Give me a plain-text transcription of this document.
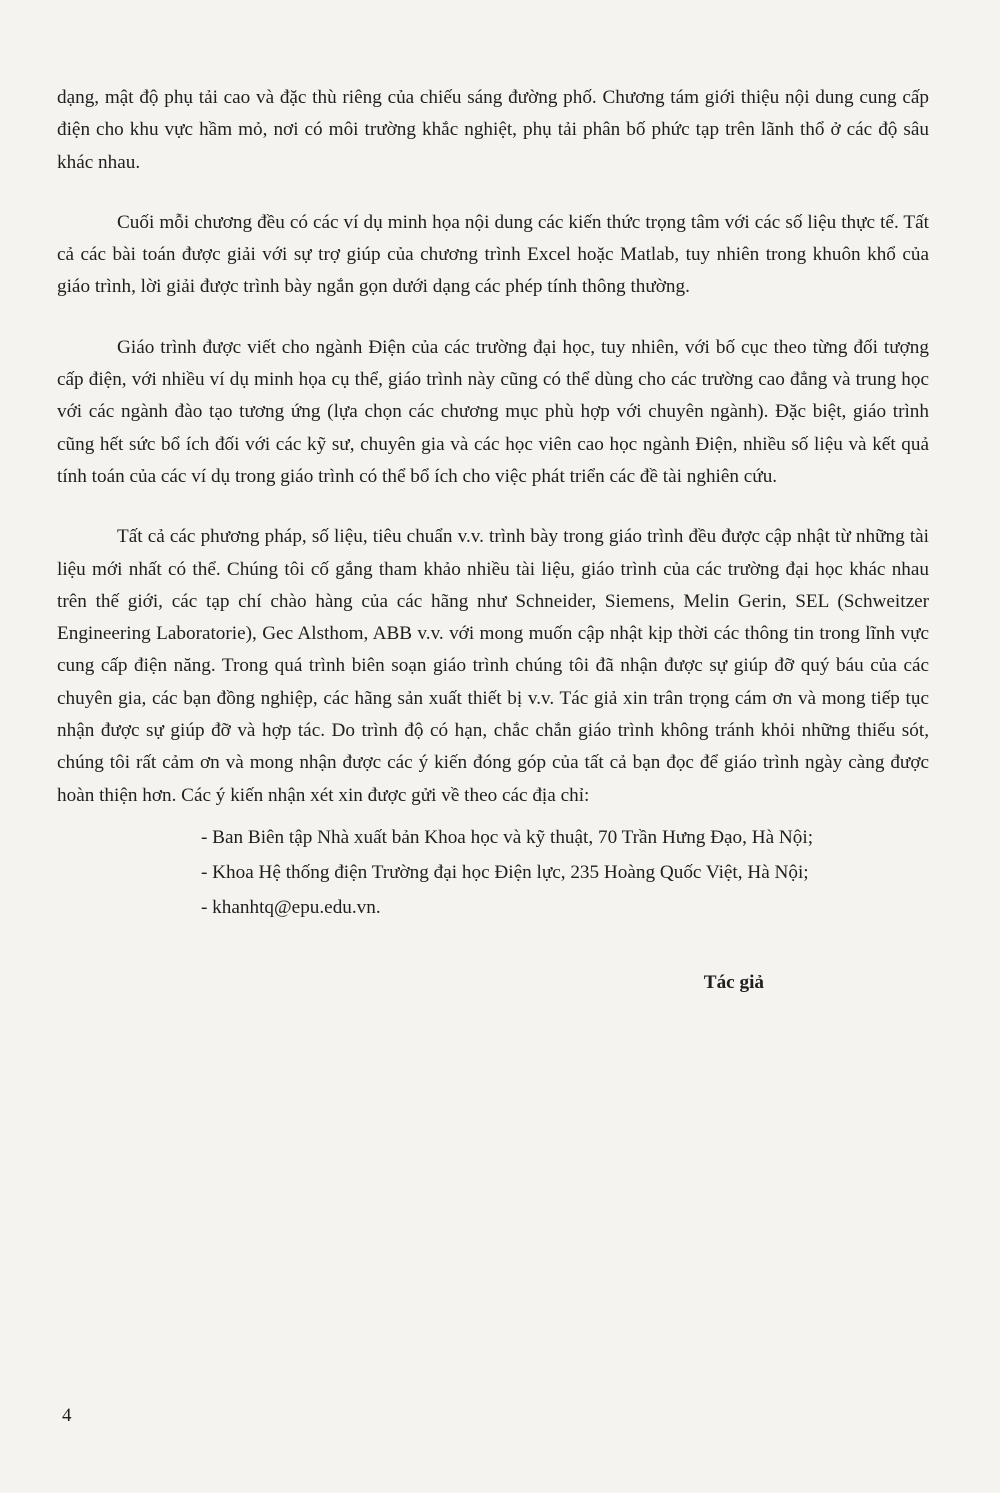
dạng, mật độ phụ tải cao và đặc thù riêng của chiếu sáng đường phố. Chương tám giới thiệu nội dung cung cấp điện cho khu vực hầm mỏ, nơi có môi trường khắc nghiệt, phụ tải phân bố phức tạp trên lãnh thổ ở các độ sâu khác nhau.

Cuối mỗi chương đều có các ví dụ minh họa nội dung các kiến thức trọng tâm với các số liệu thực tế. Tất cả các bài toán được giải với sự trợ giúp của chương trình Excel hoặc Matlab, tuy nhiên trong khuôn khổ của giáo trình, lời giải được trình bày ngắn gọn dưới dạng các phép tính thông thường.

Giáo trình được viết cho ngành Điện của các trường đại học, tuy nhiên, với bố cục theo từng đối tượng cấp điện, với nhiều ví dụ minh họa cụ thể, giáo trình này cũng có thể dùng cho các trường cao đẳng và trung học với các ngành đào tạo tương ứng (lựa chọn các chương mục phù hợp với chuyên ngành). Đặc biệt, giáo trình cũng hết sức bổ ích đối với các kỹ sư, chuyên gia và các học viên cao học ngành Điện, nhiều số liệu và kết quả tính toán của các ví dụ trong giáo trình có thể bổ ích cho việc phát triển các đề tài nghiên cứu.

Tất cả các phương pháp, số liệu, tiêu chuẩn v.v. trình bày trong giáo trình đều được cập nhật từ những tài liệu mới nhất có thể. Chúng tôi cố gắng tham khảo nhiều tài liệu, giáo trình của các trường đại học khác nhau trên thế giới, các tạp chí chào hàng của các hãng như Schneider, Siemens, Melin Gerin, SEL (Schweitzer Engineering Laboratorie), Gec Alsthom, ABB v.v. với mong muốn cập nhật kịp thời các thông tin trong lĩnh vực cung cấp điện năng. Trong quá trình biên soạn giáo trình chúng tôi đã nhận được sự giúp đỡ quý báu của các chuyên gia, các bạn đồng nghiệp, các hãng sản xuất thiết bị v.v. Tác giả xin trân trọng cám ơn và mong tiếp tục nhận được sự giúp đỡ và hợp tác. Do trình độ có hạn, chắc chắn giáo trình không tránh khỏi những thiếu sót, chúng tôi rất cảm ơn và mong nhận được các ý kiến đóng góp của tất cả bạn đọc để giáo trình ngày càng được hoàn thiện hơn. Các ý kiến nhận xét xin được gửi về theo các địa chỉ:

- Ban Biên tập Nhà xuất bản Khoa học và kỹ thuật, 70 Trần Hưng Đạo, Hà Nội;

- Khoa Hệ thống điện Trường đại học Điện lực, 235 Hoàng Quốc Việt, Hà Nội;

- khanhtq@epu.edu.vn.

Tác giả

4
